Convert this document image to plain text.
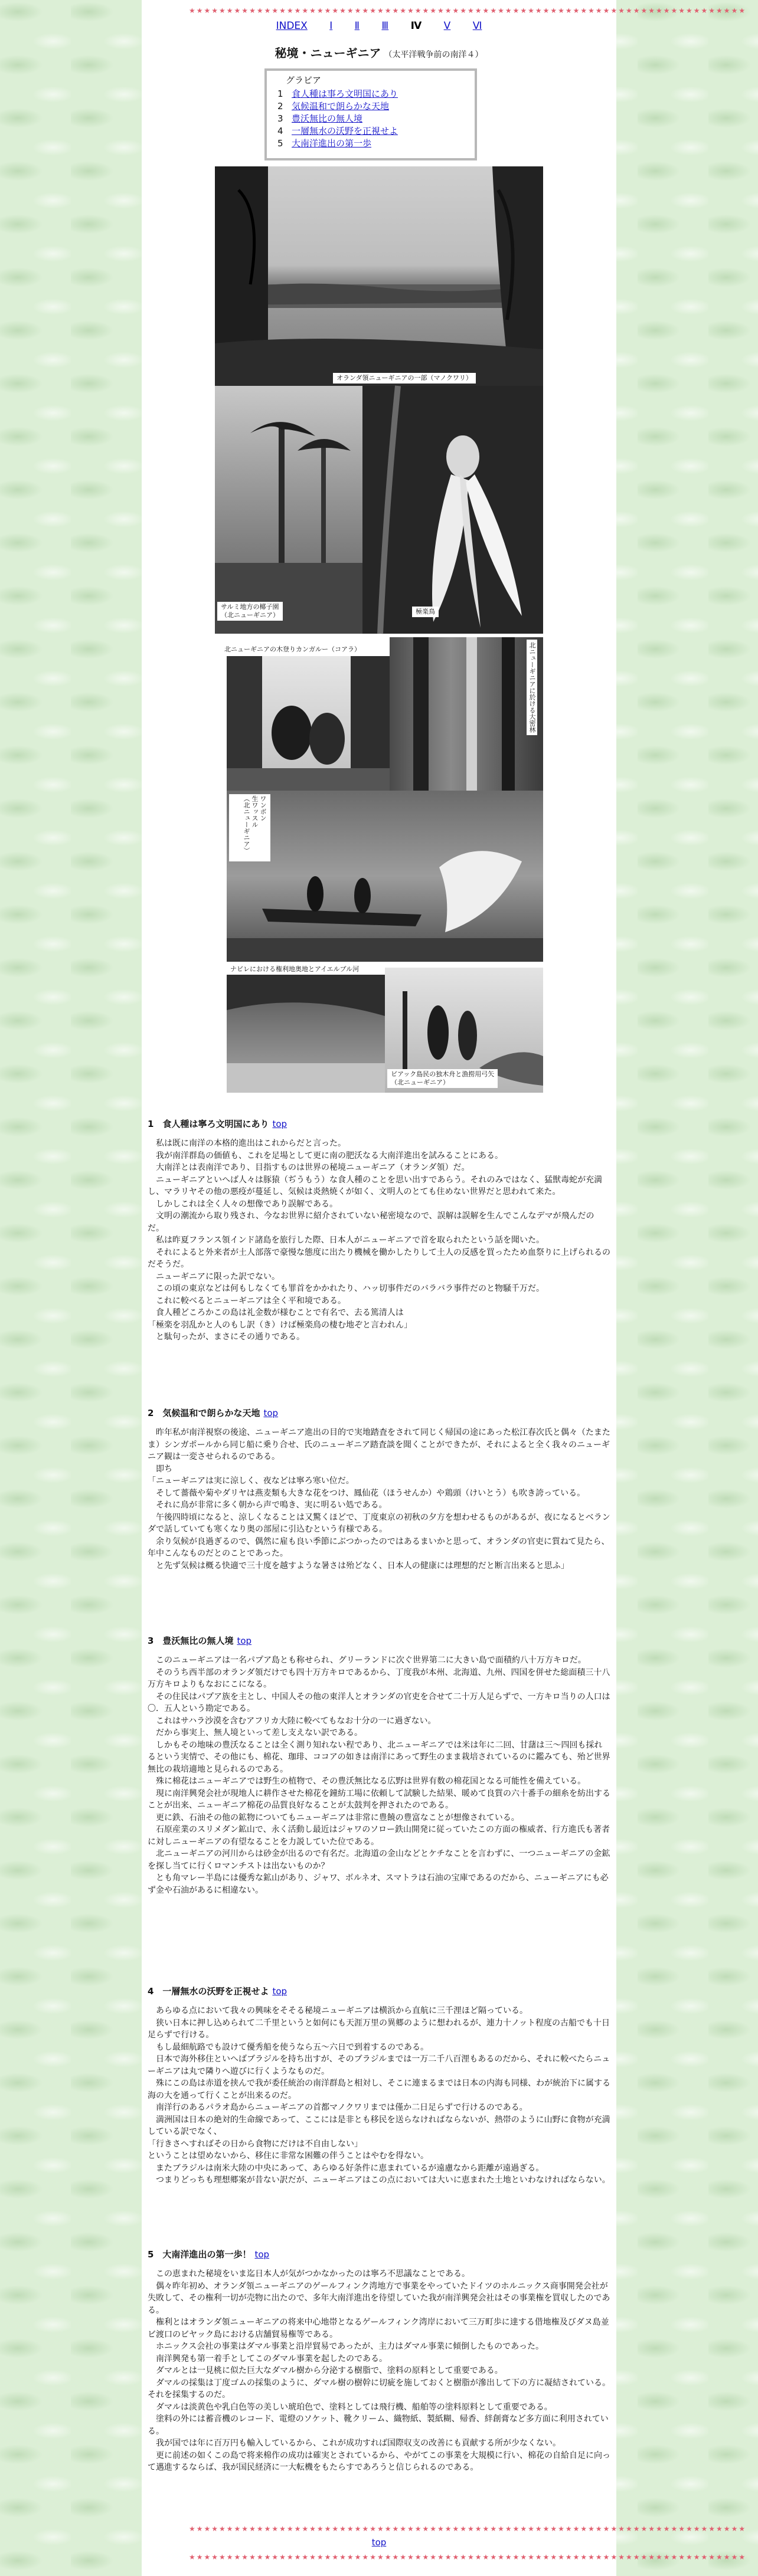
★★★★★★★★★★★★★★★★★★★★★★★★★★★★★★★★★★★★★★★★★★★★★★★★★★★★★★★★★★★★★★★★★★★★★★★★★★
INDEX Ⅰ Ⅱ Ⅲ Ⅳ Ⅴ Ⅵ
秘境・ニューギニア （太平洋戦争前の南洋４）
グラビア
1 食人種は事ろ文明国にあり
2 気候温和で朗らかな天地
3 豊沃無比の無人境
4 一層無水の沃野を正視せよ
5 大南洋進出の第一歩
オランダ領ニューギニアの一部（マノクワリ）
サルミ地方の椰子園
（北ニューギニア）	極楽鳥
北ニューギニアの木登りカンガルー（コアラ）	北ニューギニアに於ける大密林
ワンボン
生ワッスル
（北ニューギニア）
ナビレにおける権利地奥地とアイエルブル河
ビアック島民の独木舟と漁撈用弓矢
（北ニューギニア）
1　食人種は寧ろ文明国にあり top

　私は既に南洋の本格的進出はこれからだと言った。

　我が南洋群島の価値も、これを足場として更に南の肥沃なる大南洋進出を試みることにある。

　大南洋とは表南洋であり、目指すものは世界の秘境ニューギニア（オランダ領）だ。

　ニューギニアといへば人々は豚猿（ぢうもう）な食人種のことを思い出すであらう。それのみではなく、猛獣毒蛇が充満し、マラリヤその他の悪疫が蔓延し、気候は炎熱焼くが如く、文明人のとても住めない世界だと思われて来た。

　しかしこれは全く人々の想像であり誤解である。

　文明の潮流から取り残され、今なお世界に紹介されていない秘密境なので、誤解は誤解を生んでこんなデマが飛んだのだ。

　私は昨夏フランス領インド諸島を旅行した際、日本人がニューギニアで首を取られたという話を聞いた。

　それによると外来者が土人部落で豪慢な態度に出たり機械を働かしたりして土人の反感を買ったため血祭りに上げられるのだそうだ。

　ニューギニアに限った訳でない。

　この頃の東京などは何もしなくても罪首をかかれたり、ハッ切事件だのバラバラ事件だのと物騒千万だ。

　これに較べるとニューギニアは全く平和境である。

　食人種どころかこの島は礼金数が様むことで有名で、去る篤清人は

「極楽を羽乱かと人のもし訳（き）けば極楽鳥の棲む地ぞと言われん」

　と駄句ったが、まさにその通りである。

2　気候温和で朗らかな天地 top

　昨年私が南洋視察の後途、ニューギニア進出の目的で実地踏査をされて同じく帰国の途にあった松江春次氏と偶々（たまたま）シンガポールから同じ船に乗り合せ、氏のニューギニア踏査談を聞くことができたが、それによると全く我々のニューギニア観は一変させられるのである。

　即ち

「ニューギニアは実に涼しく、夜などは寧ろ寒い位だ。

　そして薔薇や菊やダリヤは燕麦類も大きな花をつけ、鳳仙花（ほうせんか）や鶏頭（けいとう）も吹き誇っている。

　それに鳥が非常に多く朝から声で鳴き、実に明るい処である。

　午後四時頃になると、涼しくなることは又驚くほどで、丁度東京の初秋の夕方を想わせるものがあるが、夜になるとベランダで話していても寒くなり奥の部屋に引込むという有様である。

　余り気候が良過ぎるので、偶然に雇も良い季節にぶつかったのではあるまいかと思って、オランダの官吏に質ねて見たら、年中こんなものだとのことであった。

　と先ず気候は概る快適で三十度を越すような暑さは殆どなく、日本人の健康には理想的だと断言出来ると思ふ」

3　豊沃無比の無人境 top

　このニューギニアは一名パプア島とも称せられ、グリーランドに次ぐ世界第二に大きい島で面積約八十万方キロだ。

　そのうち西半部のオランダ領だけでも四十万方キロであるから、丁度我が本州、北海道、九州、四国を併せた総面積三十八万方キロよりもなおにこになる。

　その住民はパプア族を主とし、中国人その他の東洋人とオランダの官吏を合せて二十万人足らずで、一方キロ当りの人口は〇．五人という勘定である。

　これはサハラ沙漠を含むアフリカ大陸に較べてもなお十分の一に過ぎない。

　だから事実上、無人境といって差し支えない訳である。

　しかもその地味の豊沃なることは全く測り知れない程であり、北ニューギニアでは米は年に二回、甘藷は三〜四回も採れるという実情で、その他にも、棉花、珈琲、ココアの如きは南洋にあって野生のまま栽培されているのに鑑みても、殆ど世界無比の栽培適地と見られるのである。

　殊に棉花はニューギニアでは野生の植物で、その豊沃無比なる広野は世界有数の棉花国となる可能性を備えている。

　現に南洋興発会社が現地人に耕作させた棉花を鐘紡工場に依頼して試験した結果、暖めて良質の六十番手の細糸を紡出することが出来、ニューギニア棉花の品質良好なることが太鼓判を押されたのである。

　更に鉄、石油その他の鉱物についてもニューギニアは非常に豊饒の豊富なことが想像されている。

　石原産業のスリメダン鉱山で、永く活動し最近はジャワのソロー鉄山開発に従っていたこの方面の権威者、行方進氏も著者に対しニューギニアの有望なることを力説していた位である。

　北ニューギニアの河川からは砂金が出るので有名だ。北海道の金山などとケチなことを言わずに、一つニューギニアの金鉱を探し当てに行くロマンチストは出ないものか？

　とも角マレー半島には優秀な鉱山があり、ジャワ、ボルネオ、スマトラは石油の宝庫であるのだから、ニューギニアにも必ず金や石油があるに相違ない。

4　一層無水の沃野を正視せよ top

　あらゆる点において我々の興味をそそる秘境ニューギニアは横浜から直航に三千浬ほど隔っている。

　狭い日本に押し込められて二千里というと如何にも天涯万里の異郷のように想われるが、連力十ノット程度の古船でも十日足らずで行ける。

　もし最細航路でも設けて優秀船を使うなら五〜六日で到着するのである。

　日本で海外移住といへばブラジルを持ち出すが、そのブラジルまでは一万二千八百浬もあるのだから、それに較べたらニューギニアは丸で隣りへ遊びに行くようなものだ。

　殊にこの島は赤道を挟んで我が委任統治の南洋群島と相対し、そこに連まるまでは日本の内海も同様、わが統治下に属する海の大を通って行くことが出来るのだ。

　南洋行のあるパラオ島からニューギニアの首都マノクワリまでは僅か二日足らずで行けるのである。

　満洲国は日本の絶対的生命線であって、ここには是非とも移民を送らなければならないが、熱帯のように山野に食物が充満している訳でなく、

「行きさへすればその日から食物にだけは不自由しない」

ということは望めないから、移住に非常な困難の伴うことはやむを得ない。

　またブラジルは南米大陸の中央にあって、あらゆる好条件に恵まれているが遠慮なから距離が遠過ぎる。

　つまりどっちも理想郷案が昔ない訳だが、ニューギニアはこの点においては大いに恵まれた土地といわなければならない。

5　大南洋進出の第一歩！ top

　この恵まれた秘境をいま迄日本人が気がつかなかったのは寧ろ不思議なことである。

　偶々昨年初め、オランダ領ニューギニアのゲールフィンク湾地方で事業をやっていたドイツのホルニックス商事開発会社が失敗して、その権利一切が売物に出たので、多年大南洋進出を待望していた我が南洋興発会社はその事業権を買収したのである。

　権利とはオランダ領ニューギニアの将来中心地帯となるゲールフィンク湾岸において三万町歩に達する借地権及びダヌ島並ビ渡口のビヤック島における店舗貿易権等である。

　ホニックス会社の事業はダマル事業と沿岸貿易であったが、主力はダマル事業に傾倒したものであった。

　南洋興発も第一着手としてこのダマル事業を起したのである。

　ダマルとは一見桃に似た巨大なダマル樹から分泌する樹脂で、塗料の原料として重要である。

　ダマルの採集は丁度ゴムの採集のように、ダマル樹の樹幹に切疵を施しておくと樹脂が滲出して下の方に凝結されている。それを採集するのだ。

　ダマルは淡黄色や乳白色等の美しい琥珀色で、塗料としては飛行機、船舶等の塗料原料として重要である。

　塗料の外には蓄音機のレコード、電燈のソケット、靴クリーム、織物紙、製紙糊、帰香、絆創膏など多方面に利用されている。

　我が国では年に百万円も輸入しているから、これが成功すれば国際収支の改善にも貢献する所が少なくない。

　更に前述の如くこの島で将来棉作の成功は確実とされているから、やがてこの事業を大規模に行い、棉花の自給自足に向って邁進するならば、我が国民経済に一大転機をもたらすであろうと信じられるのである。

★★★★★★★★★★★★★★★★★★★★★★★★★★★★★★★★★★★★★★★★★★★★★★★★★★★★★★★★★★★★★★★★★★★★★★★★★★
top
★★★★★★★★★★★★★★★★★★★★★★★★★★★★★★★★★★★★★★★★★★★★★★★★★★★★★★★★★★★★★★★★★★★★★★★★★★
